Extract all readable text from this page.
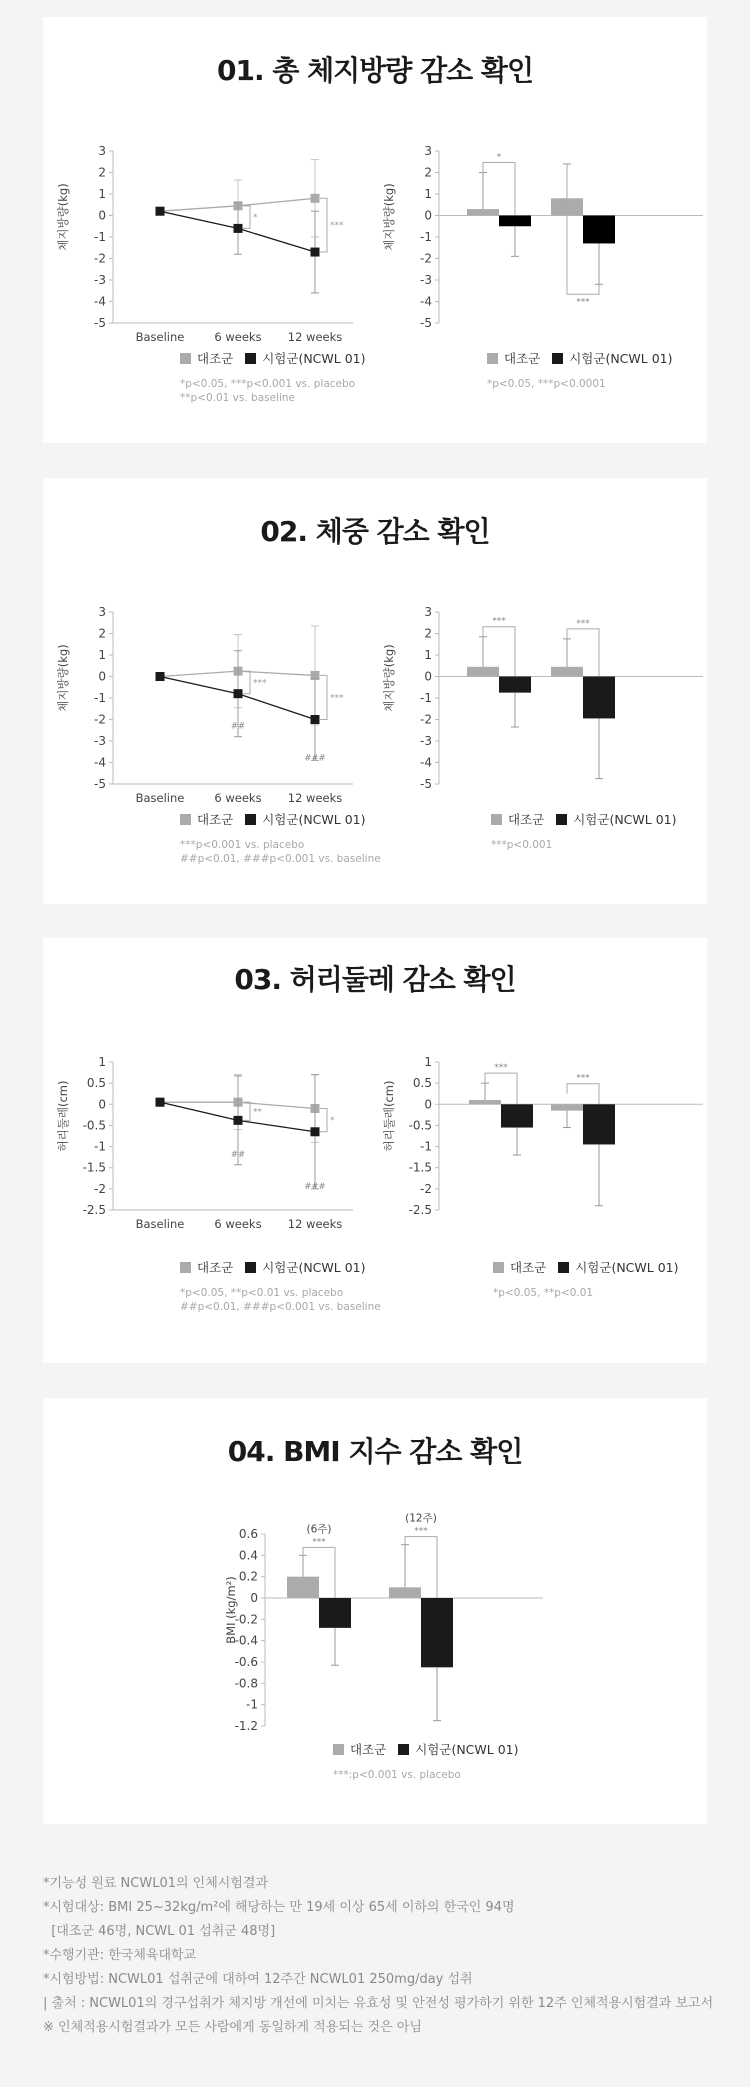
01. 총 체지방량 감소 확인
3
2
1
0
-1
-2
-3
-4
-5
체지방량(kg)
Baseline	6 weeks 12 weeks
*
***
3
2
1
0
-1
-2
-3
-4
-5
체지방량(kg)
*
***
대조군 시험군(NCWL 01)	대조군 시험군(NCWL 01)
*p<0.05, ***p<0.001 vs. placebo
**p<0.01 vs. baseline
*p<0.05, ***p<0.0001
02. 체중 감소 확인
3
2
1
0
-1
-2
-3
-4
-5
체지방량(kg)
Baseline	6 weeks 12 weeks
***
***
##
###
3
2
1
0
-1
-2
-3
-4
-5
체지방량(kg)
***	***
대조군 시험군(NCWL 01)	대조군 시험군(NCWL 01)
***p<0.001 vs. placebo
##p<0.01, ###p<0.001 vs. baseline
***p<0.001
03. 허리둘레 감소 확인
1
0.5
0
-0.5
-1
-1.5
-2
-2.5
허리둘레(cm)
Baseline	6 weeks 12 weeks
**
*
##
###
1
0.5
0
-0.5
-1
-1.5
-2
-2.5
허리둘레(cm)
***
***
대조군 시험군(NCWL 01)	대조군 시험군(NCWL 01)
*p<0.05, **p<0.01 vs. placebo
##p<0.01, ###p<0.001 vs. baseline
*p<0.05, **p<0.01
04. BMI 지수 감소 확인
0.6
0.4
0.2
0
-0.2
-0.4
-0.6
-0.8
-1
-1.2
BMI (kg/m²)
***
(6주)	***
(12주)
대조군 시험군(NCWL 01)
***:p<0.001 vs. placebo
*기능성 원료 NCWL01의 인체시험결과
*시험대상: BMI 25~32kg/m²에 해당하는 만 19세 이상 65세 이하의 한국인 94명
[대조군 46명, NCWL 01 섭취군 48명]
*수행기관: 한국체육대학교
*시험방법: NCWL01 섭취군에 대하여 12주간 NCWL01 250mg/day 섭취
| 출처 : NCWL01의 경구섭취가 체지방 개선에 미치는 유효성 및 안전성 평가하기 위한 12주 인체적용시험결과 보고서
※ 인체적용시험결과가 모든 사람에게 동일하게 적용되는 것은 아님
